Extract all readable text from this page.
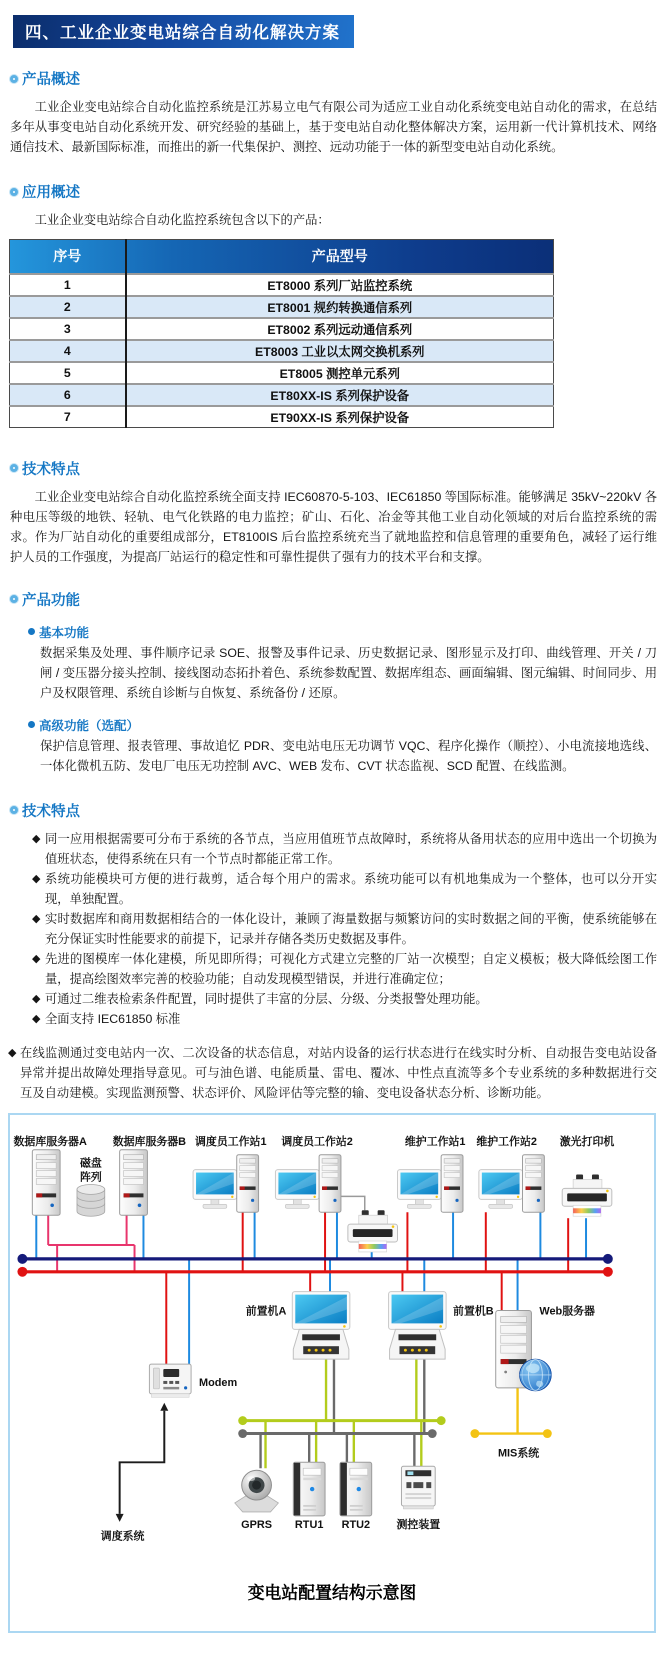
四、工业企业变电站综合自动化解决方案
产品概述

工业企业变电站综合自动化监控系统是江苏易立电气有限公司为适应工业自动化系统变电站自动化的需求，在总结多年从事变电站自动化系统开发、研究经验的基础上，基于变电站自动化整体解决方案，运用新一代计算机技术、网络通信技术、最新国际标准，而推出的新一代集保护、测控、远动功能于一体的新型变电站自动化系统。

应用概述

工业企业变电站综合自动化监控系统包含以下的产品：

序号	产品型号
1	ET8000 系列厂站监控系统
2	ET8001 规约转换通信系列
3	ET8002 系列远动通信系列
4	ET8003 工业以太网交换机系列
5	ET8005 测控单元系列
6	ET80XX-IS 系列保护设备
7	ET90XX-IS 系列保护设备
技术特点

工业企业变电站综合自动化监控系统全面支持 IEC60870-5-103、IEC61850 等国际标准。能够满足 35kV~220kV 各种电压等级的地铁、轻轨、电气化铁路的电力监控；矿山、石化、冶金等其他工业自动化领域的对后台监控系统的需求。作为厂站自动化的重要组成部分，ET8100IS 后台监控系统充当了就地监控和信息管理的重要角色，减轻了运行维护人员的工作强度，为提高厂站运行的稳定性和可靠性提供了强有力的技术平台和支撑。

产品功能
基本功能

数据采集及处理、事件顺序记录 SOE、报警及事件记录、历史数据记录、图形显示及打印、曲线管理、开关 / 刀闸 / 变压器分接头控制、接线图动态拓扑着色、系统参数配置、数据库组态、画面编辑、图元编辑、时间同步、用户及权限管理、系统自诊断与自恢复、系统备份 / 还原。

高级功能（选配）

保护信息管理、报表管理、事故追忆 PDR、变电站电压无功调节 VQC、程序化操作（顺控）、小电流接地选线、一体化微机五防、发电厂电压无功控制 AVC、WEB 发布、CVT 状态监视、SCD 配置、在线监测。

技术特点
◆ 同一应用根据需要可分布于系统的各节点，当应用值班节点故障时，系统将从备用状态的应用中选出一个切换为值班状态，使得系统在只有一个节点时都能正常工作。
◆ 系统功能模块可方便的进行裁剪，适合每个用户的需求。系统功能可以有机地集成为一个整体，也可以分开实现，单独配置。
◆ 实时数据库和商用数据相结合的一体化设计，兼顾了海量数据与频繁访问的实时数据之间的平衡，使系统能够在充分保证实时性能要求的前提下，记录并存储各类历史数据及事件。
◆ 先进的图模库一体化建模，所见即所得；可视化方式建立完整的厂站一次模型；自定义模板；极大降低绘图工作量，提高绘图效率完善的校验功能；自动发现模型错误，并进行准确定位；
◆ 可通过二维表检索条件配置，同时提供了丰富的分层、分级、分类报警处理功能。
◆ 全面支持 IEC61850 标准

◆ 在线监测通过变电站内一次、二次设备的状态信息，对站内设备的运行状态进行在线实时分析、自动报告变电站设备异常并提出故障处理指导意见。可与油色谱、电能质量、雷电、覆冰、中性点直流等多个专业系统的多种数据进行交互及自动建模。实现监测预警、状态评价、风险评估等完整的输、变电设备状态分析、诊断功能。

数据库服务器A 数据库服务器B
磁盘
阵列
调度员工作站1 调度员工作站2	维护工作站1 维护工作站2 激光打印机
前置机A	前置机B	Web服务器
Modem
调度系统
MIS系统
GPRS RTU1 RTU2 测控装置
变电站配置结构示意图
